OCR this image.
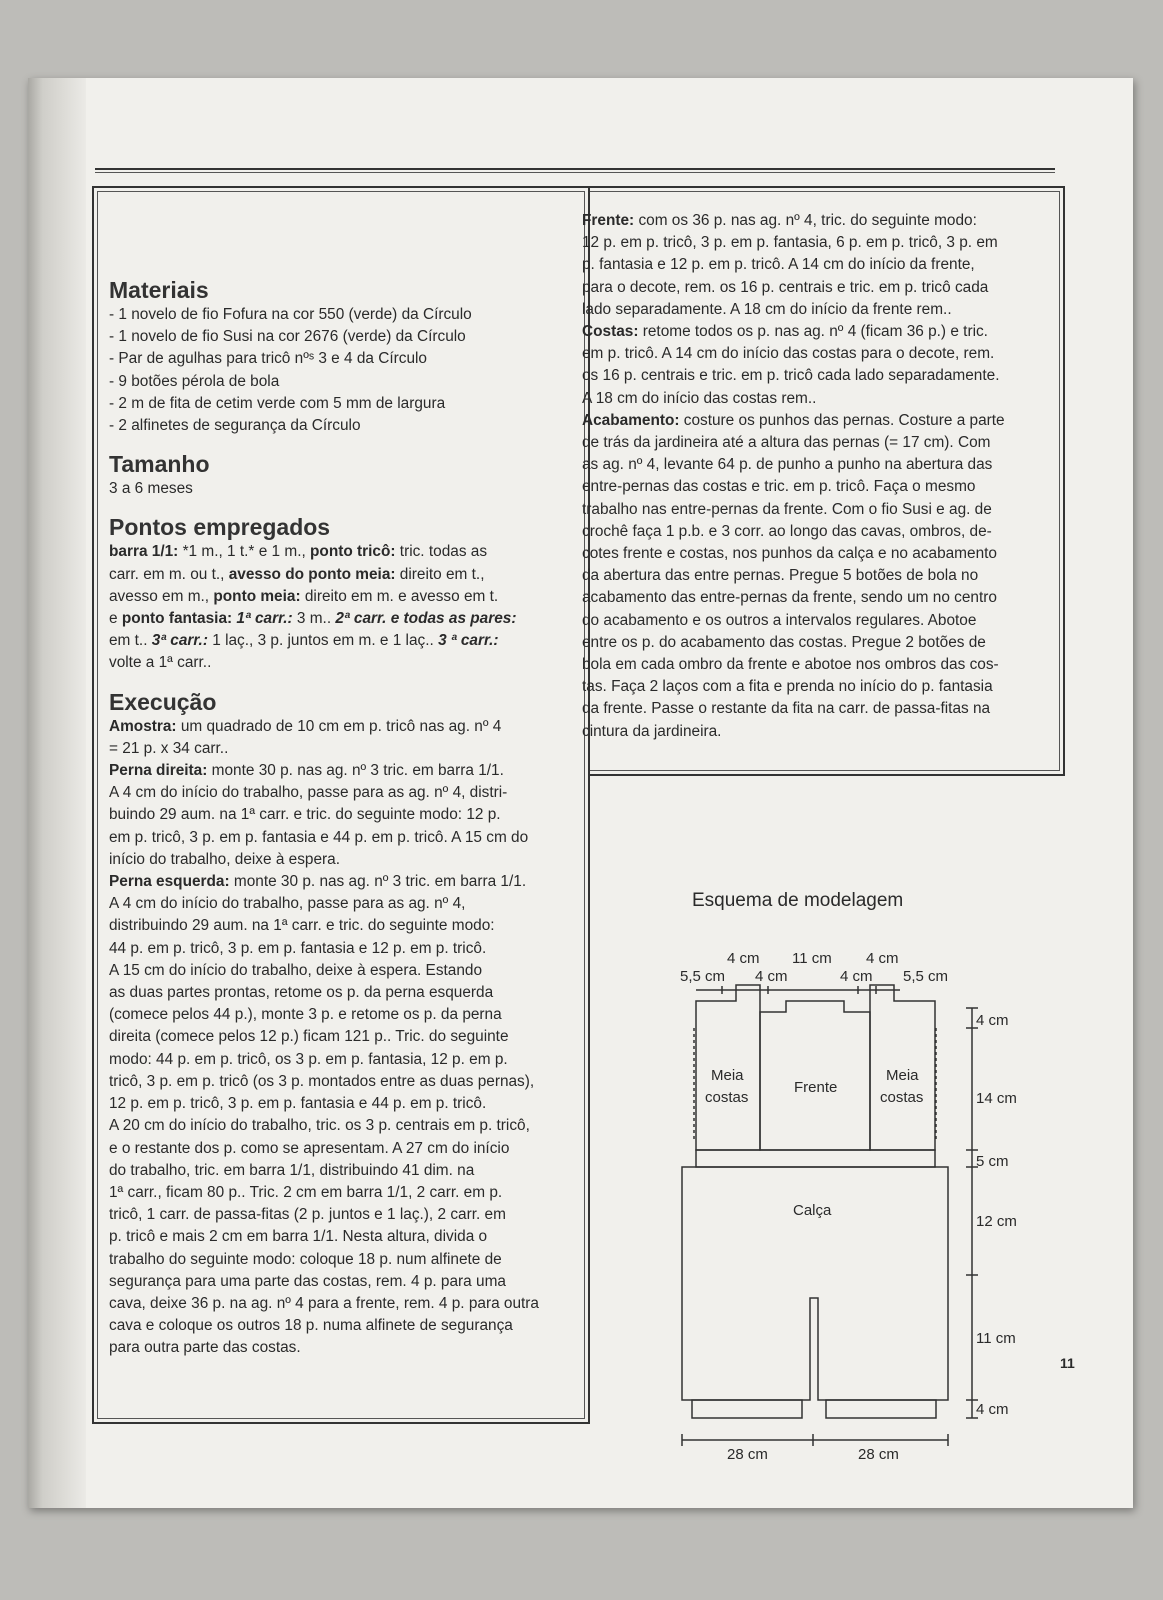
Materiais

- 1 novelo de fio Fofura na cor 550 (verde) da Círculo

- 1 novelo de fio Susi na cor 2676 (verde) da Círculo

- Par de agulhas para tricô nºˢ 3 e 4 da Círculo

- 9 botões pérola de bola

- 2 m de fita de cetim verde com 5 mm de largura

- 2 alfinetes de segurança da Círculo

Tamanho

3 a 6 meses

Pontos empregados

barra 1/1: *1 m., 1 t.* e 1 m., ponto tricô: tric. todas as

carr. em m. ou t., avesso do ponto meia: direito em t.,

avesso em m., ponto meia: direito em m. e avesso em t.

e ponto fantasia: 1ª carr.: 3 m.. 2ª carr. e todas as pares:

em t.. 3ª carr.: 1 laç., 3 p. juntos em m. e 1 laç.. 3 ª carr.:

volte a 1ª carr..

Execução

Amostra: um quadrado de 10 cm em p. tricô nas ag. nº 4

= 21 p. x 34 carr..

Perna direita: monte 30 p. nas ag. nº 3 tric. em barra 1/1.

A 4 cm do início do trabalho, passe para as ag. nº 4, distri-

buindo 29 aum. na 1ª carr. e tric. do seguinte modo: 12 p.

em p. tricô, 3 p. em p. fantasia e 44 p. em p. tricô. A 15 cm do

início do trabalho, deixe à espera.

Perna esquerda: monte 30 p. nas ag. nº 3 tric. em barra 1/1.

A 4 cm do início do trabalho, passe para as ag. nº 4,

distribuindo 29 aum. na 1ª carr. e tric. do seguinte modo:

44 p. em p. tricô, 3 p. em p. fantasia e 12 p. em p. tricô.

A 15 cm do início do trabalho, deixe à espera. Estando

as duas partes prontas, retome os p. da perna esquerda

(comece pelos 44 p.), monte 3 p. e retome os p. da perna

direita (comece pelos 12 p.) ficam 121 p.. Tric. do seguinte

modo: 44 p. em p. tricô, os 3 p. em p. fantasia, 12 p. em p.

tricô, 3 p. em p. tricô (os 3 p. montados entre as duas pernas),

12 p. em p. tricô, 3 p. em p. fantasia e 44 p. em p. tricô.

A 20 cm do início do trabalho, tric. os 3 p. centrais em p. tricô,

e o restante dos p. como se apresentam. A 27 cm do início

do trabalho, tric. em barra 1/1, distribuindo 41 dim. na

1ª carr., ficam 80 p.. Tric. 2 cm em barra 1/1, 2 carr. em p.

tricô, 1 carr. de passa-fitas (2 p. juntos e 1 laç.), 2 carr. em

p. tricô e mais 2 cm em barra 1/1. Nesta altura, divida o

trabalho do seguinte modo: coloque 18 p. num alfinete de

segurança para uma parte das costas, rem. 4 p. para uma

cava, deixe 36 p. na ag. nº 4 para a frente, rem. 4 p. para outra

cava e coloque os outros 18 p. numa alfinete de segurança

para outra parte das costas.

Frente: com os 36 p. nas ag. nº 4, tric. do seguinte modo:

12 p. em p. tricô, 3 p. em p. fantasia, 6 p. em p. tricô, 3 p. em

p. fantasia e 12 p. em p. tricô. A 14 cm do início da frente,

para o decote, rem. os 16 p. centrais e tric. em p. tricô cada

lado separadamente. A 18 cm do início da frente rem..

Costas: retome todos os p. nas ag. nº 4 (ficam 36 p.) e tric.

em p. tricô. A 14 cm do início das costas para o decote, rem.

os 16 p. centrais e tric. em p. tricô cada lado separadamente.

A 18 cm do início das costas rem..

Acabamento: costure os punhos das pernas. Costure a parte

de trás da jardineira até a altura das pernas (= 17 cm). Com

as ag. nº 4, levante 64 p. de punho a punho na abertura das

entre-pernas das costas e tric. em p. tricô. Faça o mesmo

trabalho nas entre-pernas da frente. Com o fio Susi e ag. de

crochê faça 1 p.b. e 3 corr. ao longo das cavas, ombros, de-

cotes frente e costas, nos punhos da calça e no acabamento

da abertura das entre pernas. Pregue 5 botões de bola no

acabamento das entre-pernas da frente, sendo um no centro

do acabamento e os outros a intervalos regulares. Abotoe

entre os p. do acabamento das costas. Pregue 2 botões de

bola em cada ombro da frente e abotoe nos ombros das cos-

tas. Faça 2 laços com a fita e prenda no início do p. fantasia

da frente. Passe o restante da fita na carr. de passa-fitas na

cintura da jardineira.

Esquema de modelagem
4 cm 11 cm 4 cm
5,5 cm 4 cm	4 cm 5,5 cm
4 cm
14 cm
5 cm
12 cm
11 cm
4 cm
28 cm	28 cm
Meia
costas
Frente
Meia
costas
Calça
11
